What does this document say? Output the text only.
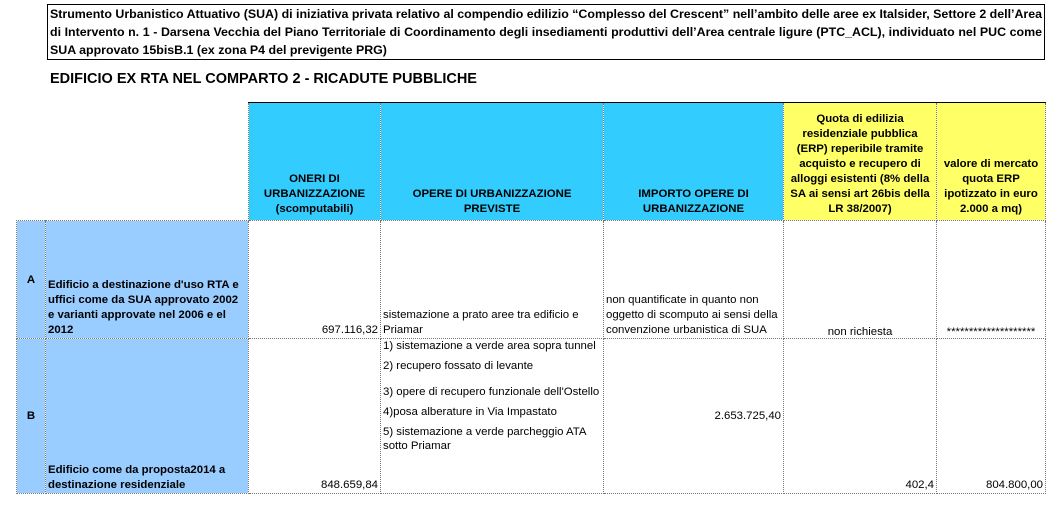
Strumento Urbanistico Attuativo (SUA) di iniziativa privata relativo al compendio edilizio “Complesso del Crescent” nell’ambito delle aree ex Italsider, Settore 2 dell’Area di Intervento n. 1 - Darsena Vecchia del Piano Territoriale di Coordinamento degli insediamenti produttivi dell’Area centrale ligure (PTC_ACL), individuato nel PUC come SUA approvato 15bisB.1 (ex zona P4 del previgente PRG)

EDIFICIO EX RTA NEL COMPARTO 2 - RICADUTE PUBBLICHE
		ONERI DI URBANIZZAZIONE (scomputabili)	OPERE DI URBANIZZAZIONE PREVISTE	IMPORTO OPERE DI URBANIZZAZIONE	Quota di edilizia residenziale pubblica (ERP) reperibile tramite acquisto e recupero di alloggi esistenti (8% della SA ai sensi art 26bis della LR 38/2007)	valore di mercato quota ERP ipotizzato in euro 2.000 a mq)
A	Edificio a destinazione d'uso RTA e uffici come da SUA approvato 2002 e varianti approvate nel 2006 e el 2012	697.116,32	sistemazione a prato aree tra edificio e Priamar	non quantificate in quanto non oggetto di scomputo ai sensi della convenzione urbanistica di SUA	non richiesta	********************
B	Edificio come da proposta2014 a destinazione residenziale	848.659,84	1) sistemazione a verde area sopra tunnel
2) recupero fossato di levante
3) opere di recupero funzionale dell'Ostello
4)posa alberature in Via Impastato
5) sistemazione a verde parcheggio ATA sotto Priamar	2.653.725,40	402,4	804.800,00
